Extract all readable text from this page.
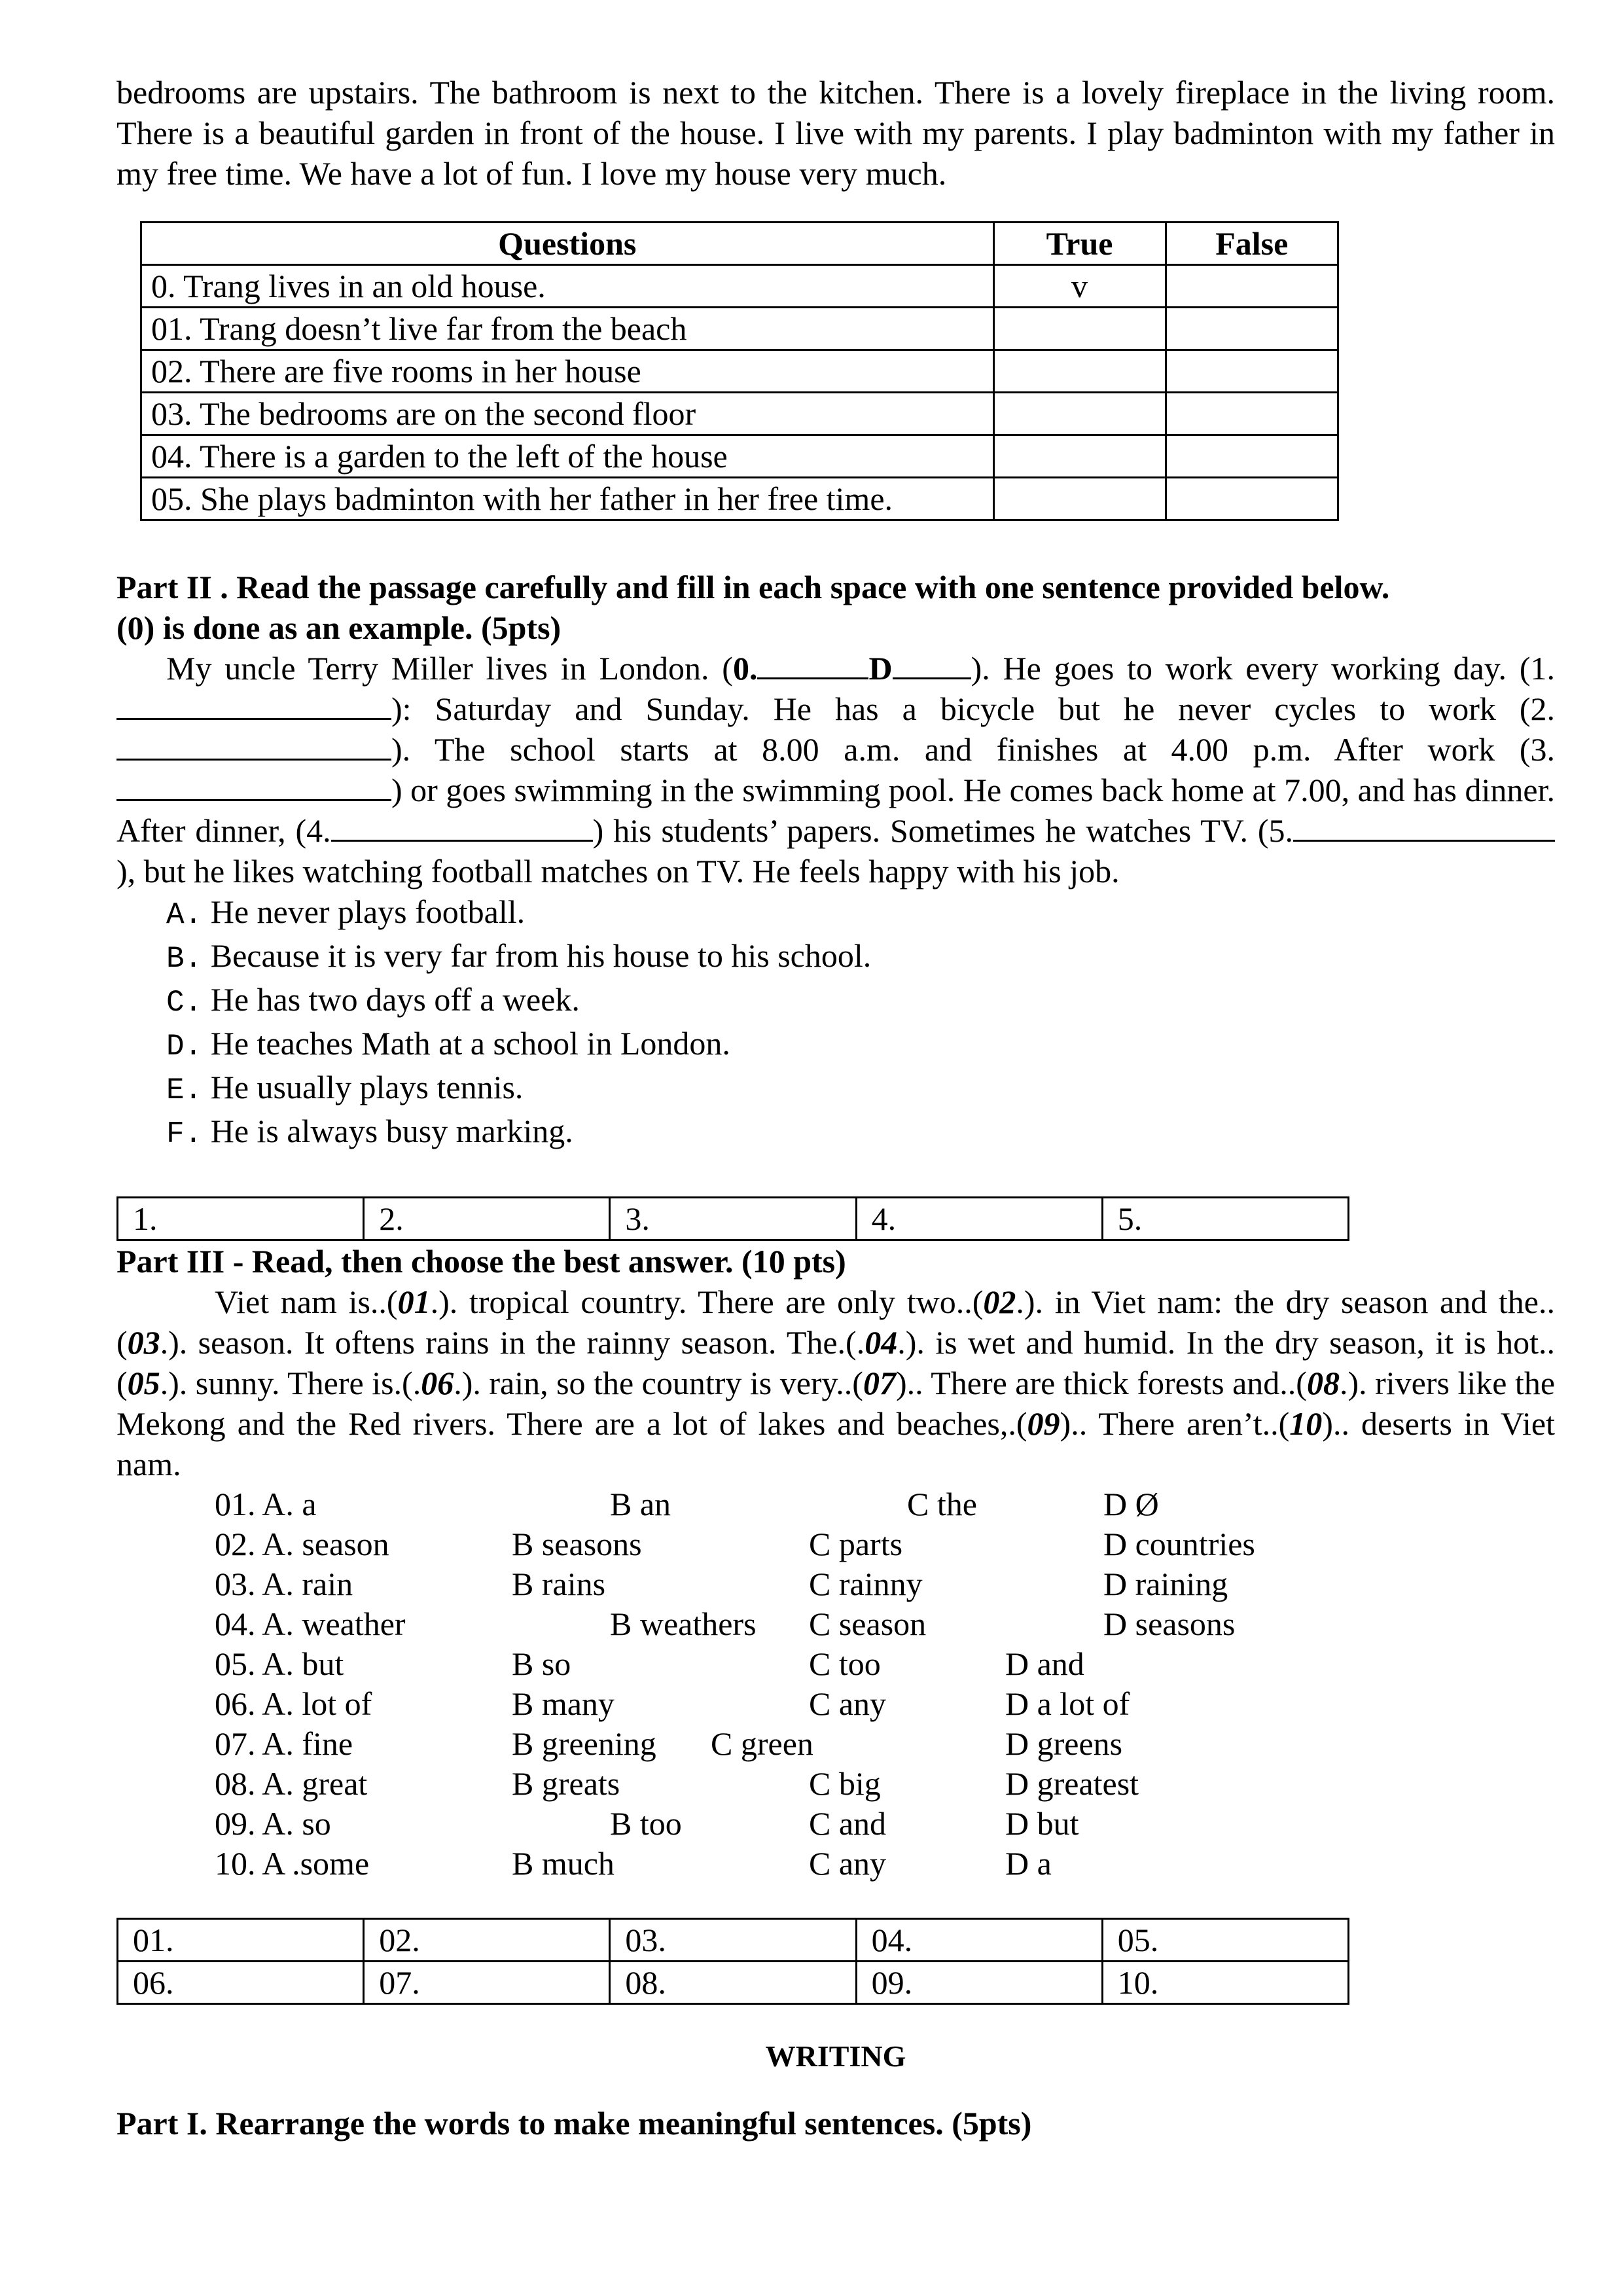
bedrooms are upstairs. The bathroom is next to the kitchen. There is a lovely fireplace in the living room. There is a beautiful garden in front of the house. I live with my parents. I play badminton with my father in my free time. We have a lot of fun. I love my house very much.

Questions	True	False
0. Trang lives in an old house.	v	
01. Trang doesn’t live far from the beach		
02. There are five rooms in her house		
03. The bedrooms are on the second floor		
04. There is a garden to the left of the house		
05. She plays badminton with her father in her free time.		

Part II . Read the passage carefully and fill in each space with one sentence provided below.

(0) is done as an example. (5pts)

My uncle Terry Miller lives in London. (0.	D ). He goes to work every working day. (1.): Saturday and Sunday. He has a bicycle but he never cycles to work (2.). The school starts at 8.00 a.m. and finishes at 4.00 p.m. After work (3.) or goes swimming in the swimming pool. He comes back home at 7.00, and has dinner. After dinner, (4.	) his students’ papers. Sometimes he watches TV. (5.), but he likes watching football matches on TV. He feels happy with his job.

A. He never plays football.
B. Because it is very far from his house to his school.
C. He has two days off a week.
D. He teaches Math at a school in London.
E. He usually plays tennis.
F. He is always busy marking.
1.	2.	3.	4.	5.

Part III - Read, then choose the best answer. (10 pts)

Viet nam is..(01.). tropical country. There are only two..(02.). in Viet nam: the dry season and the..(03.). season. It oftens rains in the rainny season. The.(.04.). is wet and humid. In the dry season, it is hot..(05.). sunny. There is.(.06.). rain, so the country is very..(07).. There are thick forests and..(08.). rivers like the Mekong and the Red rivers. There are a lot of lakes and beaches,.(09).. There aren’t..(10).. deserts in Viet nam.

01. A. a	B an	C the	D Ø
02. A. season	B seasons	C parts	D countries
03. A. rain	B rains	C rainny	D raining
04. A. weather	B weathers C season	D seasons
05. A. but	B so	C too	D and
06. A. lot of	B many	C any	D a lot of
07. A. fine	B greening C green	D greens
08. A. great	B greats	C big	D greatest
09. A. so	B too	C and	D but
10. A .some	B much	C any	D a
01.	02.	03.	04.	05.
06.	07.	08.	09.	10.

WRITING

Part I. Rearrange the words to make meaningful sentences. (5pts)
